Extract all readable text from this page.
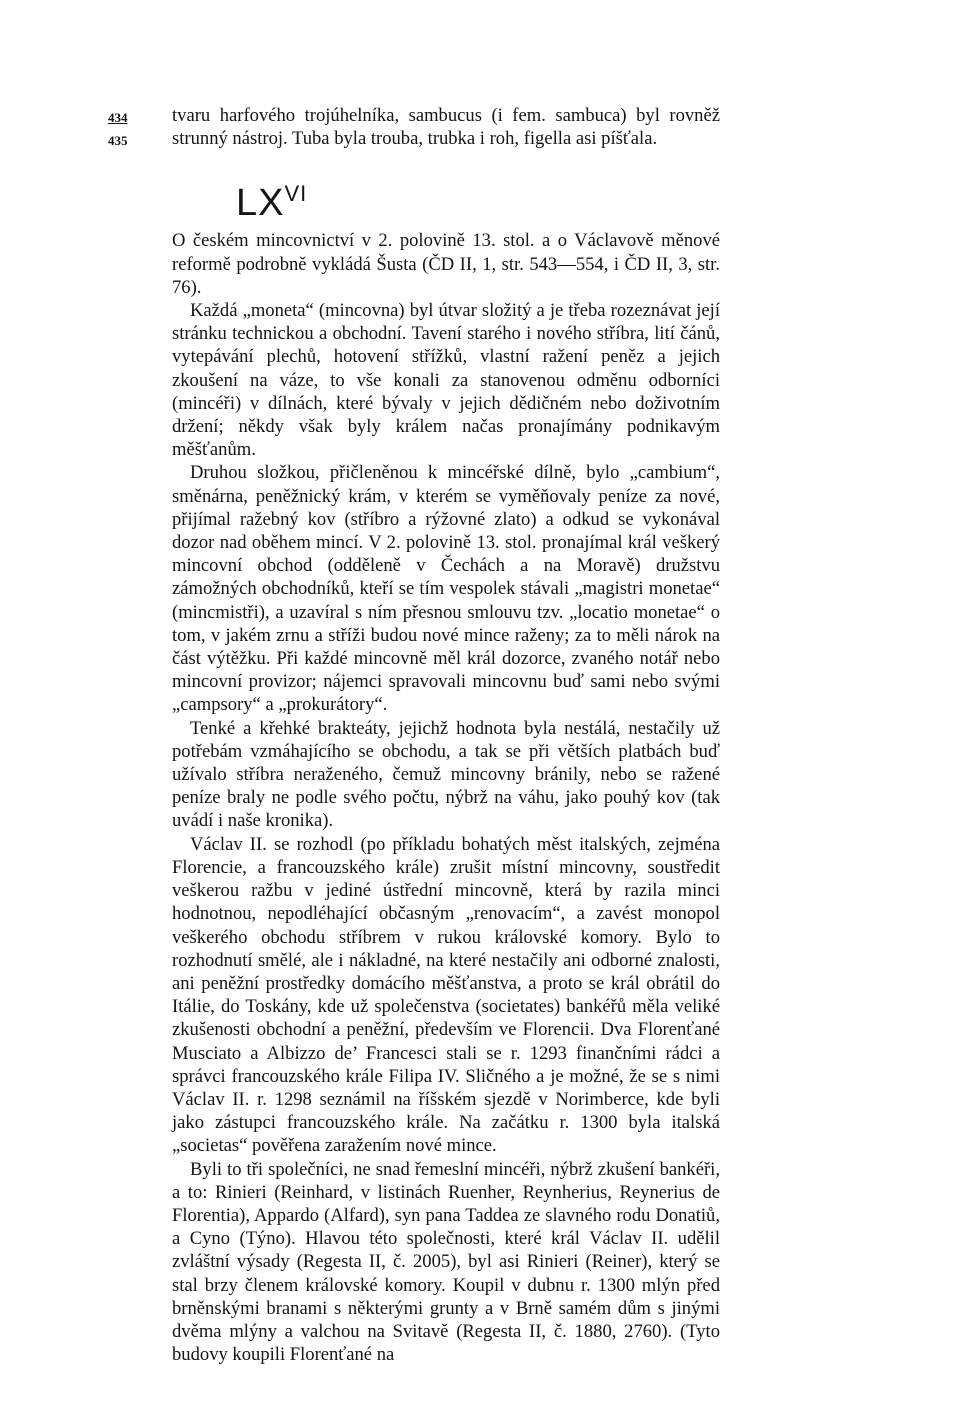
434
435

tvaru harfového trojúhelníka, sambucus (i fem. sambuca) byl rovněž strunný nástroj. Tuba byla trouba, trubka i roh, figella asi píšťala.

$LX^{VI}$

O českém mincovnictví v 2. polovině 13. stol. a o Václavově měnové reformě podrobně vykládá Šusta (ČD II, 1, str. 543—554, i ČD II, 3, str. 76).

Každá „moneta“ (mincovna) byl útvar složitý a je třeba rozeznávat její stránku technickou a obchodní. Tavení starého i nového stříbra, lití čánů, vytepávání plechů, hotovení střížků, vlastní ražení peněz a jejich zkoušení na váze, to vše konali za stanovenou odměnu odborníci (mincéři) v dílnách, které bývaly v jejich dědičném nebo doživotním držení; někdy však byly králem načas pronajímány podnikavým měšťanům.

Druhou složkou, přičleněnou k mincéřské dílně, bylo „cambium“, směnárna, peněžnický krám, v kterém se vyměňovaly peníze za nové, přijímal ražebný kov (stříbro a rýžovné zlato) a odkud se vykonával dozor nad oběhem mincí. V 2. polovině 13. stol. pronajímal král veškerý mincovní obchod (odděleně v Čechách a na Moravě) družstvu zámožných obchodníků, kteří se tím vespolek stávali „magistri monetae“ (mincmistři), a uzavíral s ním přesnou smlouvu tzv. „locatio monetae“ o tom, v jakém zrnu a stříži budou nové mince raženy; za to měli nárok na část výtěžku. Při každé mincovně měl král dozorce, zvaného notář nebo mincovní provizor; nájemci spravovali mincovnu buď sami nebo svými „campsory“ a „prokurátory“.

Tenké a křehké brakteáty, jejichž hodnota byla nestálá, nestačily už potřebám vzmáhajícího se obchodu, a tak se při větších platbách buď užívalo stříbra neraženého, čemuž mincovny bránily, nebo se ražené peníze braly ne podle svého počtu, nýbrž na váhu, jako pouhý kov (tak uvádí i naše kronika).

Václav II. se rozhodl (po příkladu bohatých měst italských, zejména Florencie, a francouzského krále) zrušit místní mincovny, soustředit veškerou ražbu v jediné ústřední mincovně, která by razila minci hodnotnou, nepodléhající občasným „renovacím“, a zavést monopol veškerého obchodu stříbrem v rukou královské komory. Bylo to rozhodnutí smělé, ale i nákladné, na které nestačily ani odborné znalosti, ani peněžní prostředky domácího měšťanstva, a proto se král obrátil do Itálie, do Toskány, kde už společenstva (societates) bankéřů měla veliké zkušenosti obchodní a peněžní, především ve Florencii. Dva Florenťané Musciato a Albizzo de’ Francesci stali se r. 1293 finančními rádci a správci francouzského krále Filipa IV. Sličného a je možné, že se s nimi Václav II. r. 1298 seznámil na říšském sjezdě v Norimberce, kde byli jako zástupci francouzského krále. Na začátku r. 1300 byla italská „societas“ pověřena zaražením nové mince.

Byli to tři společníci, ne snad řemeslní mincéři, nýbrž zkušení bankéři, a to: Rinieri (Reinhard, v listinách Ruenher, Reynherius, Reynerius de Florentia), Appardo (Alfard), syn pana Taddea ze slavného rodu Donatiů, a Cyno (Týno). Hlavou této společnosti, které král Václav II. udělil zvláštní výsady (Regesta II, č. 2005), byl asi Rinieri (Reiner), který se stal brzy členem královské komory. Koupil v dubnu r. 1300 mlýn před brněnskými branami s některými grunty a v Brně samém dům s jinými dvěma mlýny a valchou na Svitavě (Regesta II, č. 1880, 2760). (Tyto budovy koupili Florenťané na
